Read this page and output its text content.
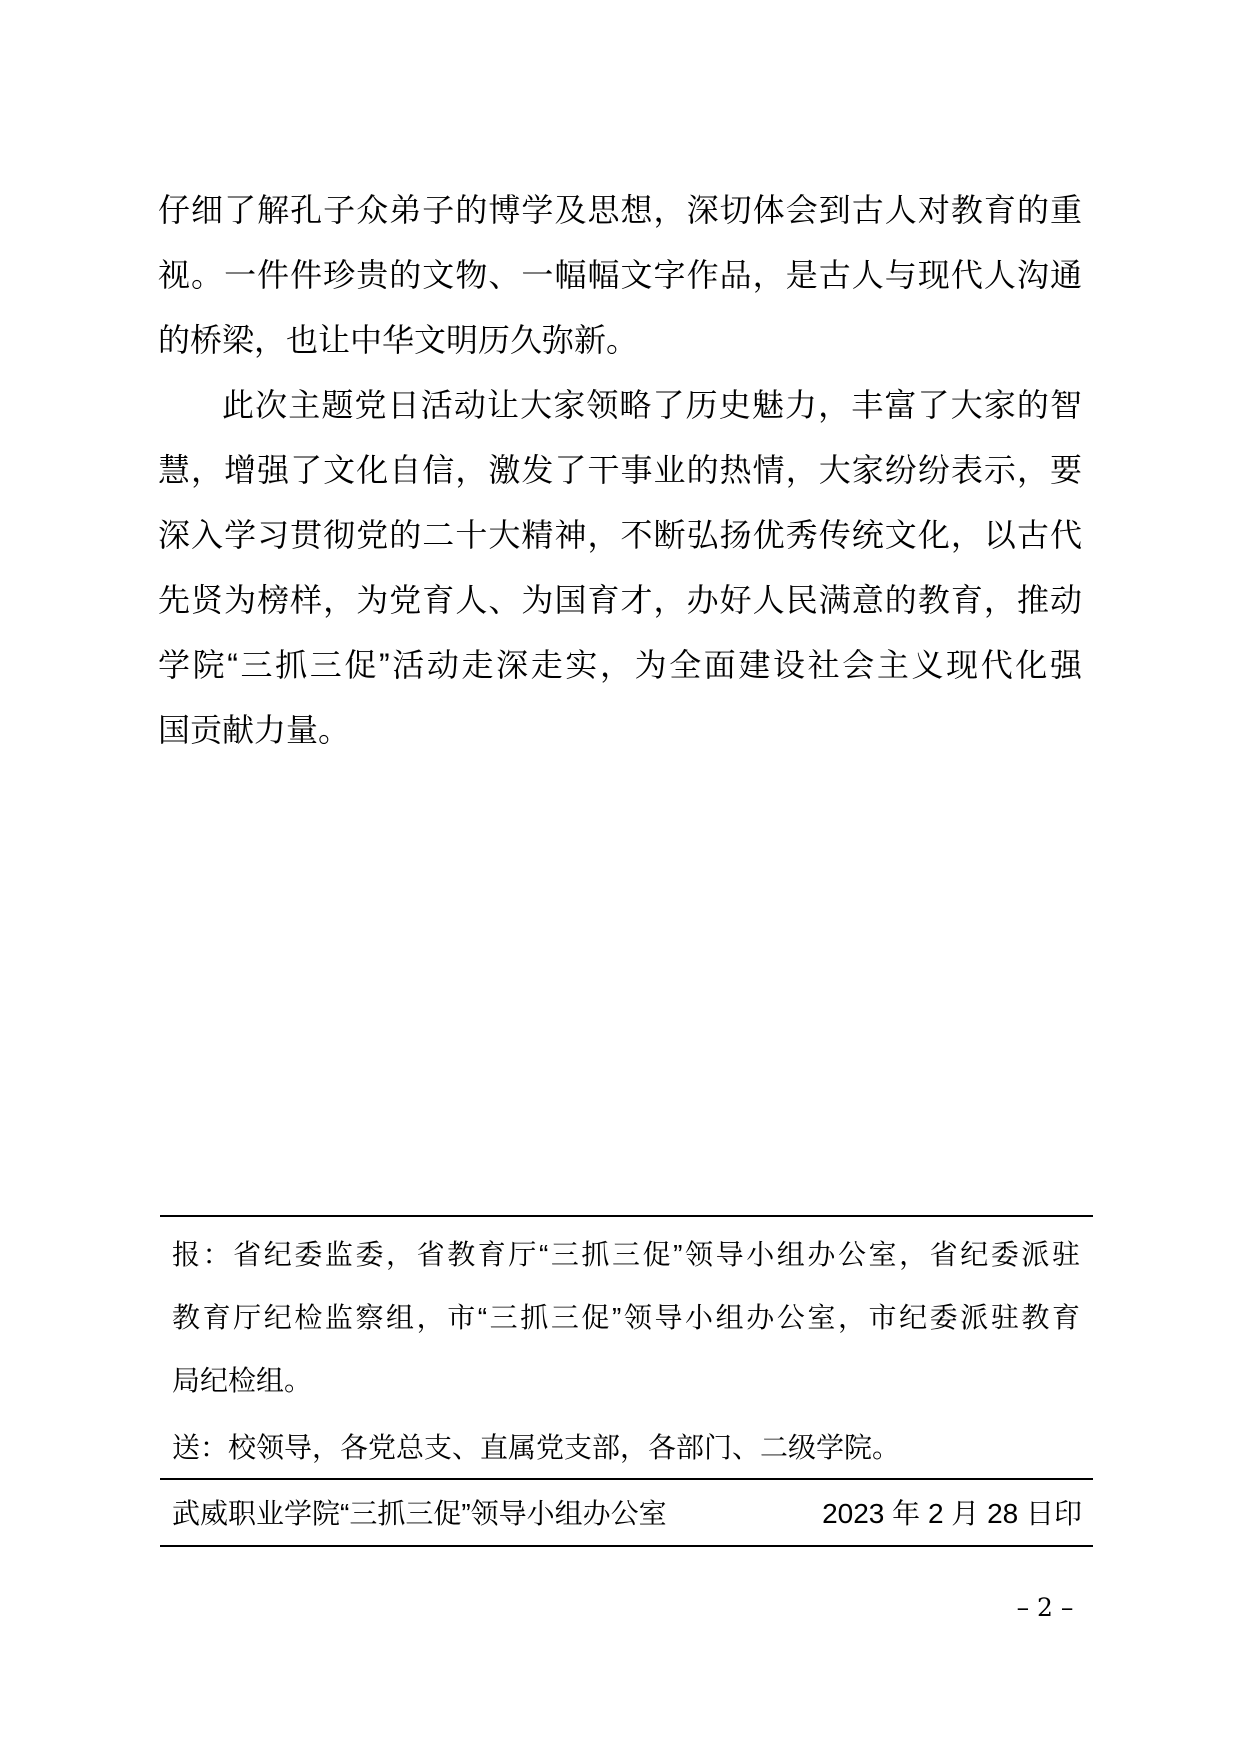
仔细了解孔子众弟子的博学及思想，深切体会到古人对教育的重
视。一件件珍贵的文物、一幅幅文字作品，是古人与现代人沟通
的桥梁，也让中华文明历久弥新。
此次主题党日活动让大家领略了历史魅力，丰富了大家的智
慧，增强了文化自信，激发了干事业的热情，大家纷纷表示，要
深入学习贯彻党的二十大精神，不断弘扬优秀传统文化，以古代
先贤为榜样，为党育人、为国育才，办好人民满意的教育，推动
学院“三抓三促”活动走深走实，为全面建设社会主义现代化强
国贡献力量。
报：省纪委监委，省教育厅“三抓三促”领导小组办公室，省纪委派驻
教育厅纪检监察组，市“三抓三促”领导小组办公室，市纪委派驻教育
局纪检组。
送：校领导，各党总支、直属党支部，各部门、二级学院。
武威职业学院“三抓三促”领导小组办公室	2023 年 2 月 28 日印
– 2 –
